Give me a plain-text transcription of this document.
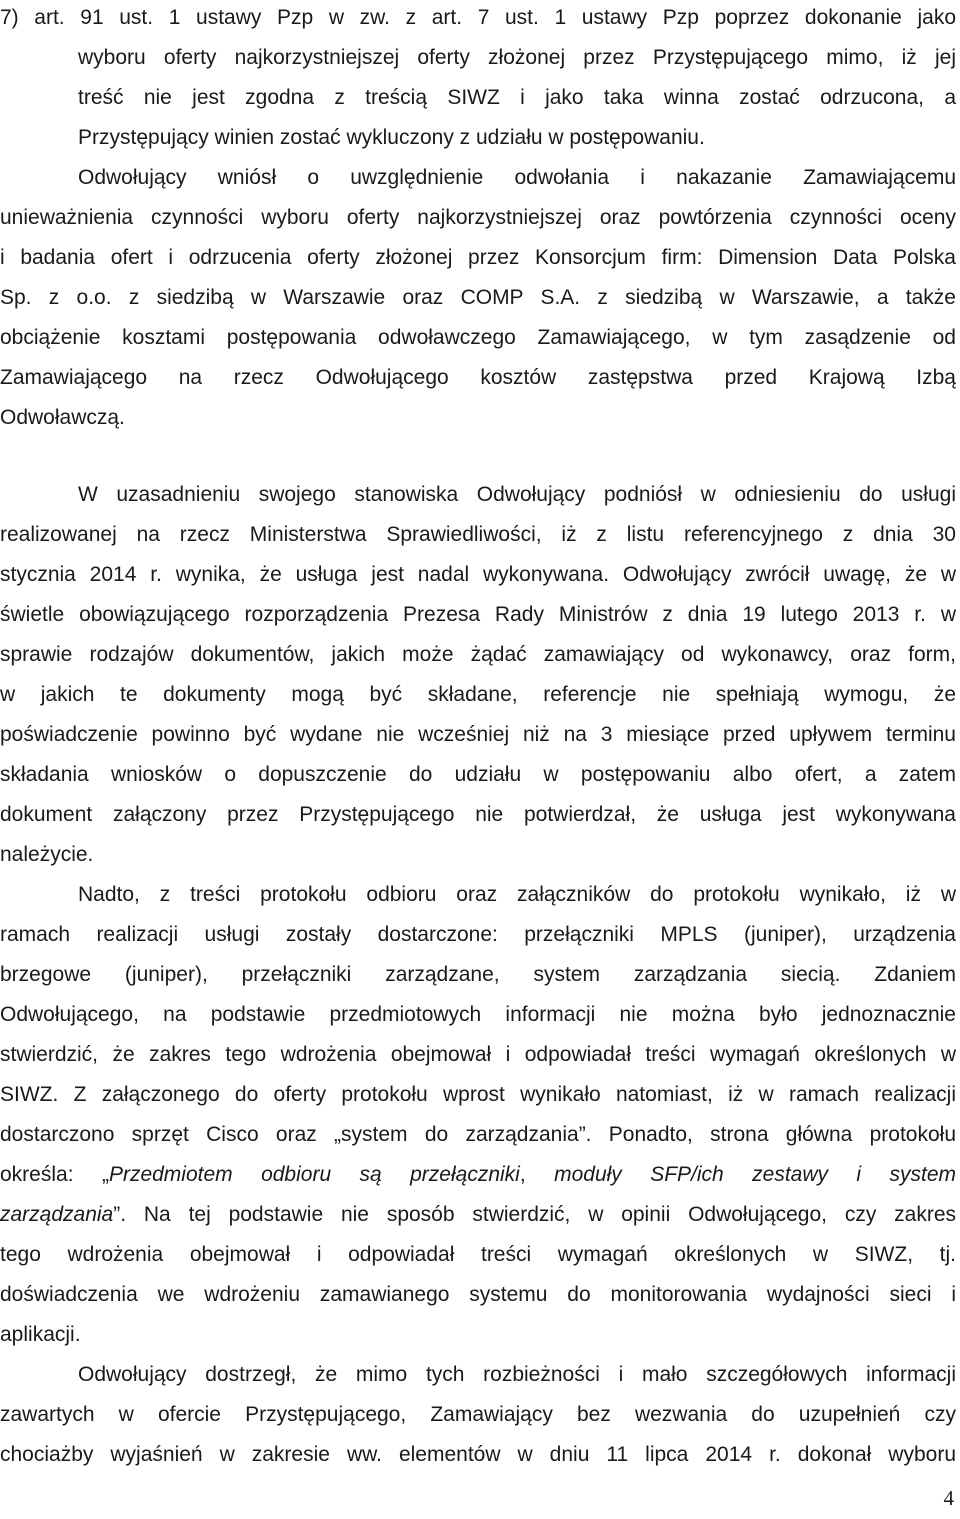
7) art. 91 ust. 1 ustawy Pzp w zw. z art. 7 ust. 1 ustawy Pzp poprzez dokonanie jako
wyboru oferty najkorzystniejszej oferty złożonej przez Przystępującego mimo, iż jej
treść nie jest zgodna z treścią SIWZ i jako taka winna zostać odrzucona, a
Przystępujący winien zostać wykluczony z udziału w postępowaniu.
Odwołujący wniósł o uwzględnienie odwołania i nakazanie Zamawiającemu
unieważnienia czynności wyboru oferty najkorzystniejszej oraz powtórzenia czynności oceny
i badania ofert i odrzucenia oferty złożonej przez Konsorcjum firm: Dimension Data Polska
Sp. z o.o. z siedzibą w Warszawie oraz COMP S.A. z siedzibą w Warszawie, a także
obciążenie kosztami postępowania odwoławczego Zamawiającego, w tym zasądzenie od
Zamawiającego na rzecz Odwołującego kosztów zastępstwa przed Krajową Izbą
Odwoławczą.
W uzasadnieniu swojego stanowiska Odwołujący podniósł w odniesieniu do usługi
realizowanej na rzecz Ministerstwa Sprawiedliwości, iż z listu referencyjnego z dnia 30
stycznia 2014 r. wynika, że usługa jest nadal wykonywana. Odwołujący zwrócił uwagę, że w
świetle obowiązującego rozporządzenia Prezesa Rady Ministrów z dnia 19 lutego 2013 r. w
sprawie rodzajów dokumentów, jakich może żądać zamawiający od wykonawcy, oraz form,
w jakich te dokumenty mogą być składane, referencje nie spełniają wymogu, że
poświadczenie powinno być wydane nie wcześniej niż na 3 miesiące przed upływem terminu
składania wniosków o dopuszczenie do udziału w postępowaniu albo ofert, a zatem
dokument załączony przez Przystępującego nie potwierdzał, że usługa jest wykonywana
należycie.
Nadto, z treści protokołu odbioru oraz załączników do protokołu wynikało, iż w
ramach realizacji usługi zostały dostarczone: przełączniki MPLS (juniper), urządzenia
brzegowe (juniper), przełączniki zarządzane, system zarządzania siecią. Zdaniem
Odwołującego, na podstawie przedmiotowych informacji nie można było jednoznacznie
stwierdzić, że zakres tego wdrożenia obejmował i odpowiadał treści wymagań określonych w
SIWZ. Z załączonego do oferty protokołu wprost wynikało natomiast, iż w ramach realizacji
dostarczono sprzęt Cisco oraz „system do zarządzania”. Ponadto, strona główna protokołu
określa: „Przedmiotem odbioru są przełączniki, moduły SFP/ich zestawy i system
zarządzania”. Na tej podstawie nie sposób stwierdzić, w opinii Odwołującego, czy zakres
tego wdrożenia obejmował i odpowiadał treści wymagań określonych w SIWZ, tj.
doświadczenia we wdrożeniu zamawianego systemu do monitorowania wydajności sieci i
aplikacji.
Odwołujący dostrzegł, że mimo tych rozbieżności i mało szczegółowych informacji
zawartych w ofercie Przystępującego, Zamawiający bez wezwania do uzupełnień czy
chociażby wyjaśnień w zakresie ww. elementów w dniu 11 lipca 2014 r. dokonał wyboru
4
